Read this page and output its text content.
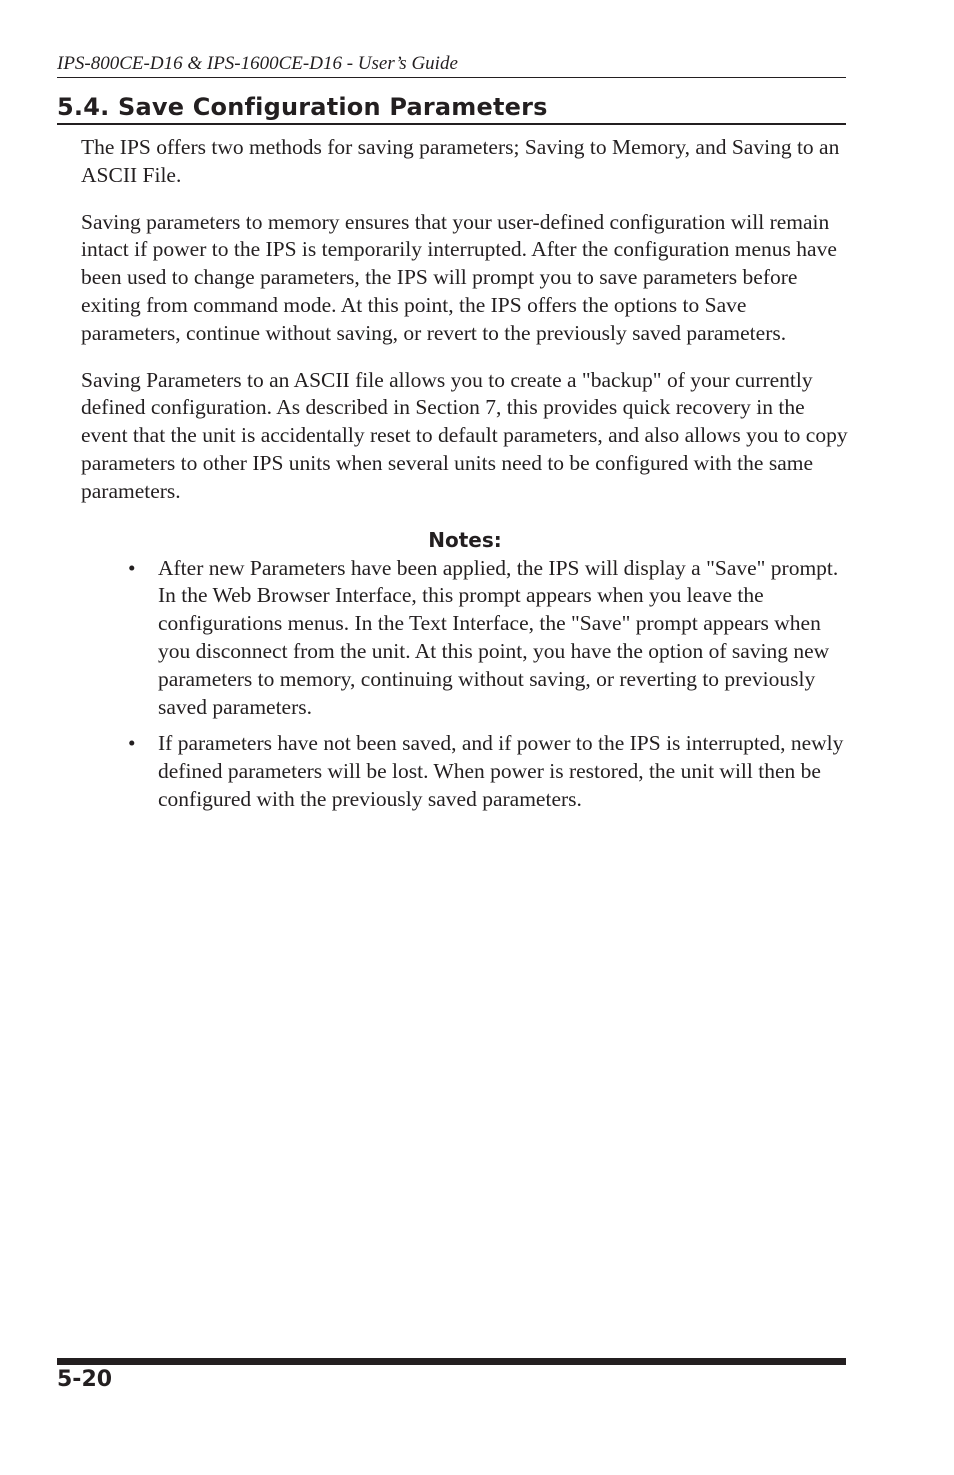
IPS-800CE-D16 & IPS-1600CE-D16 - User’s Guide
5.4. Save Configuration Parameters

The IPS offers two methods for saving parameters; Saving to Memory, and Saving to an ASCII File.

Saving parameters to memory ensures that your user-defined configuration will remain intact if power to the IPS is temporarily interrupted. After the configuration menus have been used to change parameters, the IPS will prompt you to save parameters before exiting from command mode. At this point, the IPS offers the options to Save parameters, continue without saving, or revert to the previously saved parameters.

Saving Parameters to an ASCII file allows you to create a "backup" of your currently defined configuration. As described in Section 7, this provides quick recovery in the event that the unit is accidentally reset to default parameters, and also allows you to copy parameters to other IPS units when several units need to be configured with the same parameters.

Notes:
• After new Parameters have been applied, the IPS will display a "Save" prompt. In the Web Browser Interface, this prompt appears when you leave the configurations menus. In the Text Interface, the "Save" prompt appears when you disconnect from the unit. At this point, you have the option of saving new parameters to memory, continuing without saving, or reverting to previously saved parameters.
• If parameters have not been saved, and if power to the IPS is interrupted, newly defined parameters will be lost. When power is restored, the unit will then be configured with the previously saved parameters.
5-20
